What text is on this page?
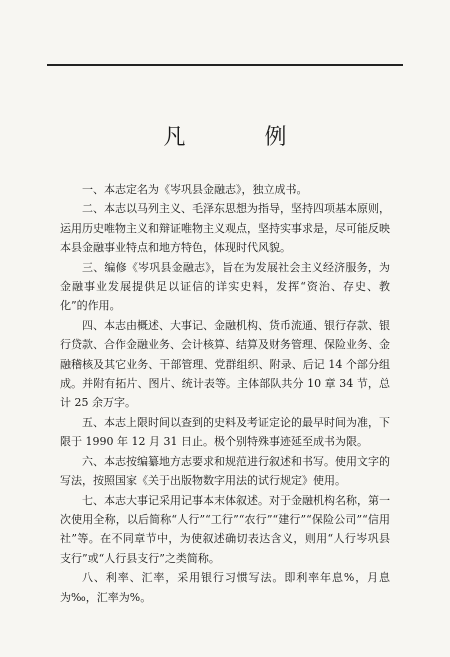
凡 例

一、本志定名为《岑巩县金融志》，独立成书。

二、本志以马列主义、毛泽东思想为指导，坚持四项基本原则，运用历史唯物主义和辩证唯物主义观点，坚持实事求是，尽可能反映本县金融事业特点和地方特色，体现时代风貌。

三、编修《岑巩县金融志》，旨在为发展社会主义经济服务，为金融事业发展提供足以证信的详实史料，发挥“资治、存史、教化”的作用。

四、本志由概述、大事记、金融机构、货币流通、银行存款、银行贷款、合作金融业务、会计核算、结算及财务管理、保险业务、金融稽核及其它业务、干部管理、党群组织、附录、后记 14 个部分组成。并附有拓片、图片、统计表等。主体部队共分 10 章 34 节，总计 25 余万字。

五、本志上限时间以查到的史料及考证定论的最早时间为准，下限于 1990 年 12 月 31 日止。极个别特殊事迹延至成书为限。

六、本志按编纂地方志要求和规范进行叙述和书写。使用文字的写法，按照国家《关于出版物数字用法的试行规定》使用。

七、本志大事记采用记事本末体叙述。对于金融机构名称，第一次使用全称，以后简称“人行”“工行”“农行”“建行”“保险公司”“信用社”等。在不同章节中，为使叙述确切表达含义，则用“人行岑巩县支行”或“人行县支行”之类简称。

八、利率、汇率，采用银行习惯写法。即利率年息%，月息为‰，汇率为%。
